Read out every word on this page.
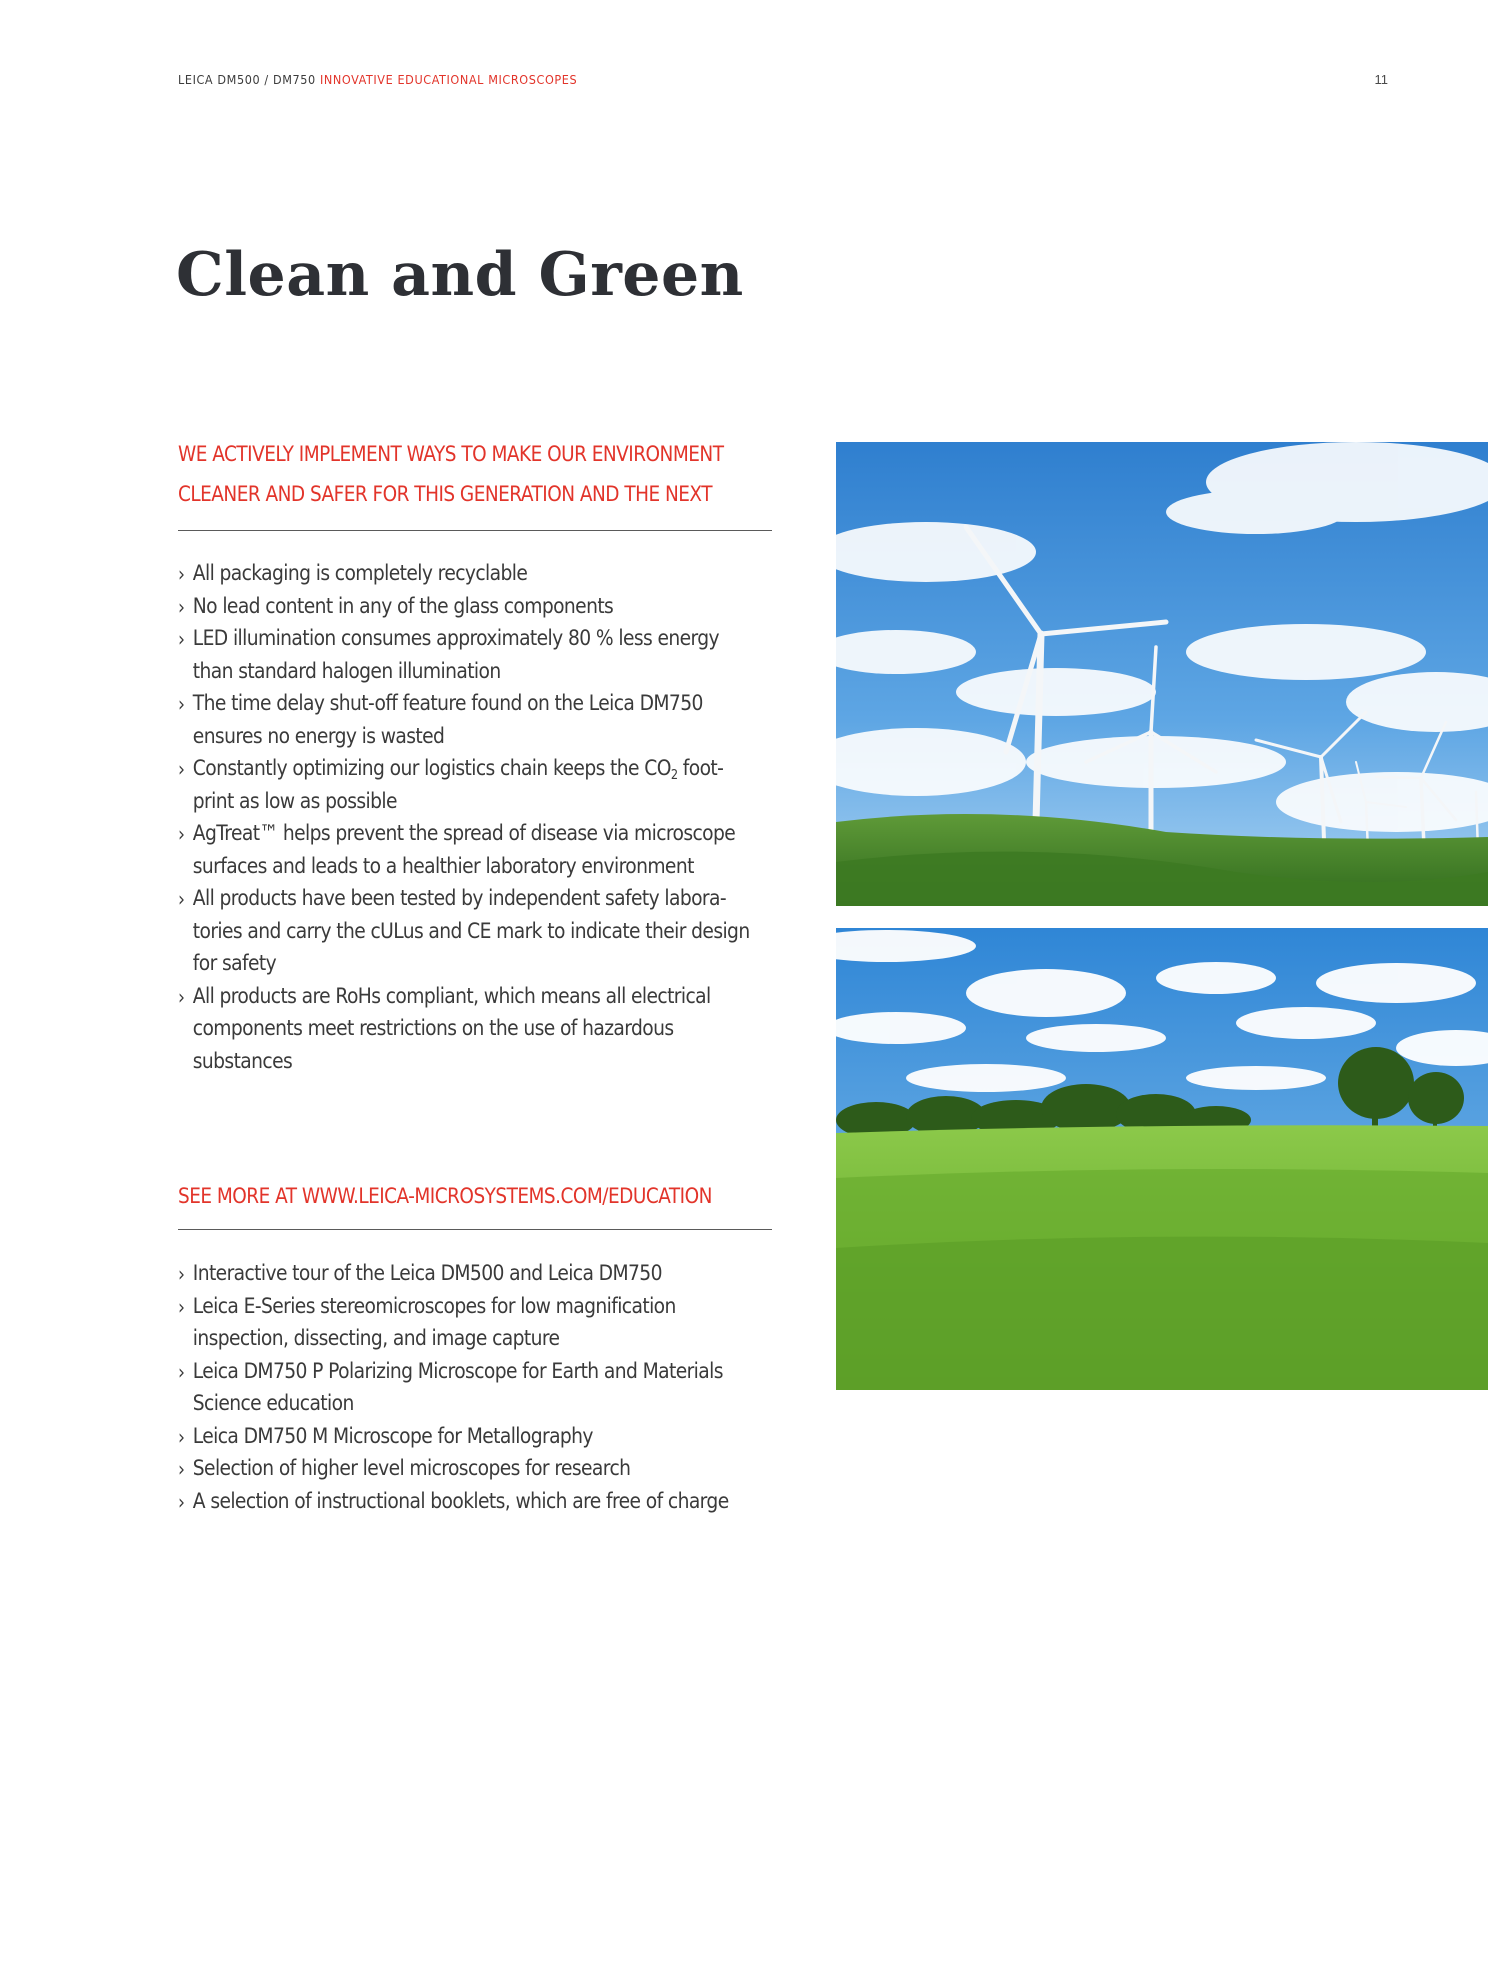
LEICA DM500 / DM750 INNOVATIVE EDUCATIONAL MICROSCOPES	11
Clean and Green
WE ACTIVELY IMPLEMENT WAYS TO MAKE OUR ENVIRONMENT
CLEANER AND SAFER FOR THIS GENERATION AND THE NEXT
› All packaging is completely recyclable
› No lead content in any of the glass components
› LED illumination consumes approximately 80 % less energy
than standard halogen illumination
› The time delay shut-off feature found on the Leica DM750
ensures no energy is wasted
› Constantly optimizing our logistics chain keeps the $CO_2$ foot-
print as low as possible
› AgTreat™ helps prevent the spread of disease via microscope
surfaces and leads to a healthier laboratory environment
› All products have been tested by independent safety labora-
tories and carry the cULus and CE mark to indicate their design
for safety
› All products are RoHs compliant, which means all electrical
components meet restrictions on the use of hazardous
substances
SEE MORE AT WWW.LEICA-MICROSYSTEMS.COM/EDUCATION
› Interactive tour of the Leica DM500 and Leica DM750
› Leica E-Series stereomicroscopes for low magnification
inspection, dissecting, and image capture
› Leica DM750 P Polarizing Microscope for Earth and Materials
Science education
› Leica DM750 M Microscope for Metallography
› Selection of higher level microscopes for research
› A selection of instructional booklets, which are free of charge
